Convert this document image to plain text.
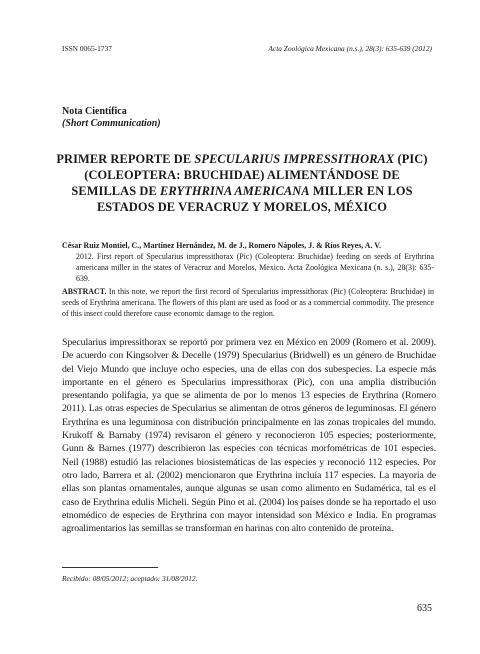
ISSN 0065-1737	Acta Zoológica Mexicana (n.s.), 28(3): 635-639 (2012)
Nota Científica
(Short Communication)
PRIMER REPORTE DE SPECULARIUS IMPRESSITHORAX (PIC) (COLEOPTERA: BRUCHIDAE) ALIMENTÁNDOSE DE SEMILLAS DE ERYTHRINA AMERICANA MILLER EN LOS ESTADOS DE VERACRUZ Y MORELOS, MÉXICO
César Ruiz Montiel, C., Martínez Hernández, M. de J., Romero Nápoles, J. & Ríos Reyes, A. V.
2012. First report of Specularius impressithorax (Pic) (Coleoptera: Bruchidae) feeding on seeds of Erythrina americana miller in the states of Veracruz and Morelos, Mexico. Acta Zoológica Mexicana (n. s.), 28(3): 635-639.
ABSTRACT. In this note, we report the first record of Specularius impressithorax (Pic) (Coleoptera: Bruchidae) in seeds of Erythrina americana. The flowers of this plant are used as food or as a commercial commodity. The presence of this insect could therefore cause economic damage to the region.
Specularius impressithorax se reportó por primera vez en México en 2009 (Romero et al. 2009). De acuerdo con Kingsolver & Decelle (1979) Specularius (Bridwell) es un género de Bruchidae del Viejo Mundo que incluye ocho especies, una de ellas con dos subespecies. La especie más importante en el género es Specularius impressithorax (Pic), con una amplia distribución presentando polifagia, ya que se alimenta de por lo menos 13 especies de Erythrina (Romero 2011). Las otras especies de Specularius se alimentan de otros géneros de leguminosas. El género Erythrina es una leguminosa con distribución principalmente en las zonas tropicales del mundo. Krukoff & Barnaby (1974) revisaron el género y reconocieron 105 especies; posteriormente, Gunn & Barnes (1977) describieron las especies con técnicas morfométricas de 101 especies. Neil (1988) estudió las relaciones biosistemáticas de las especies y reconoció 112 especies. Por otro lado, Barrera et al. (2002) mencionaron que Erythrina incluía 117 especies. La mayoría de ellas son plantas ornamentales, aunque algunas se usan como alimento en Sudamérica, tal es el caso de Erythrina edulis Micheli. Según Pino et al. (2004) los países donde se ha reportado el uso etnomédico de especies de Erythrina con mayor intensidad son México e India. En programas agroalimentarios las semillas se transforman en harinas con alto contenido de proteína.
Recibido: 08/05/2012; aceptado: 31/08/2012.
635
